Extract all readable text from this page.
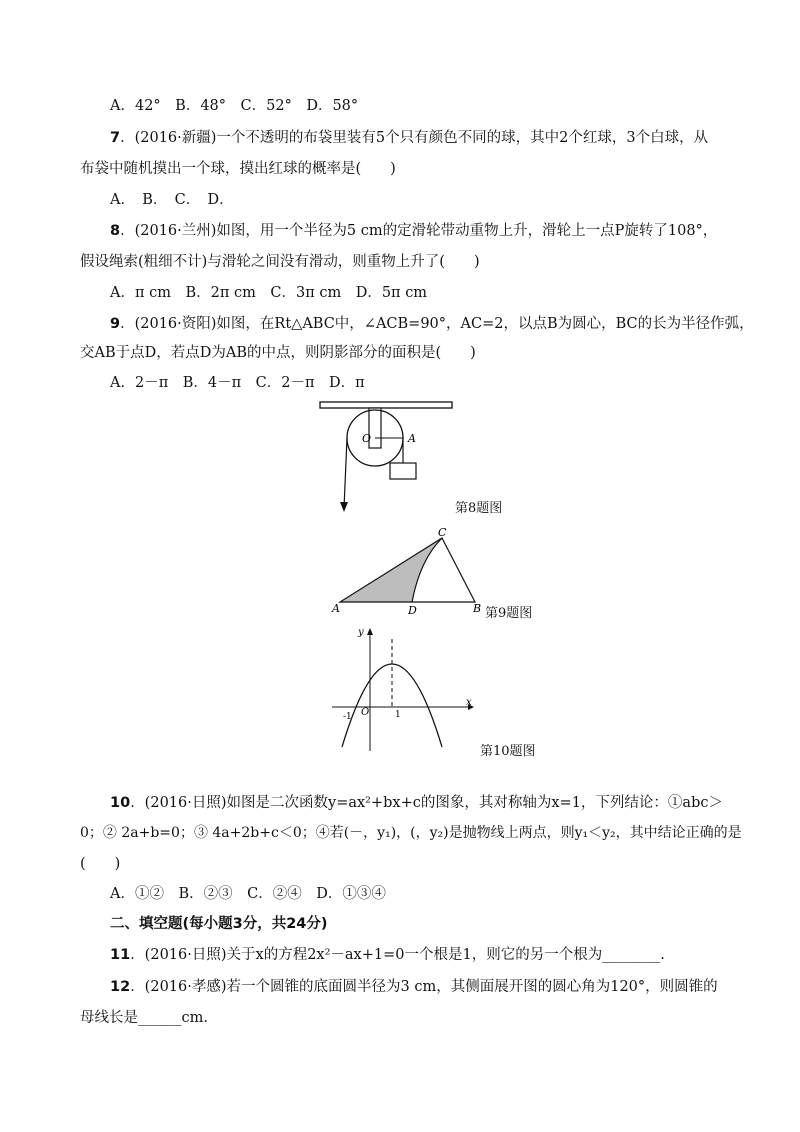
A．42°　B．48°　C．52°　D．58°
7．(2016·新疆)一个不透明的布袋里装有5个只有颜色不同的球，其中2个红球，3个白球，从
布袋中随机摸出一个球，摸出红球的概率是(　　)
A．　B．　C．　D．
8．(2016·兰州)如图，用一个半径为5 cm的定滑轮带动重物上升，滑轮上一点P旋转了108°，
假设绳索(粗细不计)与滑轮之间没有滑动，则重物上升了(　　)
A．π cm　B．2π cm　C．3π cm　D．5π cm
9．(2016·资阳)如图，在Rt△ABC中，∠ACB=90°，AC=2，以点B为圆心，BC的长为半径作弧，
交AB于点D，若点D为AB的中点，则阴影部分的面积是(　　)
A．2－π　B．4－π　C．2－π　D．π
O	A
第8题图
A	B
C
D	第9题图
x
y
O
-1	1
第10题图
10．(2016·日照)如图是二次函数y=ax²+bx+c的图象，其对称轴为x=1，下列结论：①abc＞
0；② 2a+b=0；③ 4a+2b+c＜0；④若(－，y₁)，(，y₂)是抛物线上两点，则y₁＜y₂，其中结论正确的是
(　　)
A．①②　B．②③　C．②④　D．①③④
二、填空题(每小题3分，共24分)
11．(2016·日照)关于x的方程2x²－ax+1=0一个根是1，则它的另一个根为________.
12．(2016·孝感)若一个圆锥的底面圆半径为3 cm，其侧面展开图的圆心角为120°，则圆锥的
母线长是______cm.
